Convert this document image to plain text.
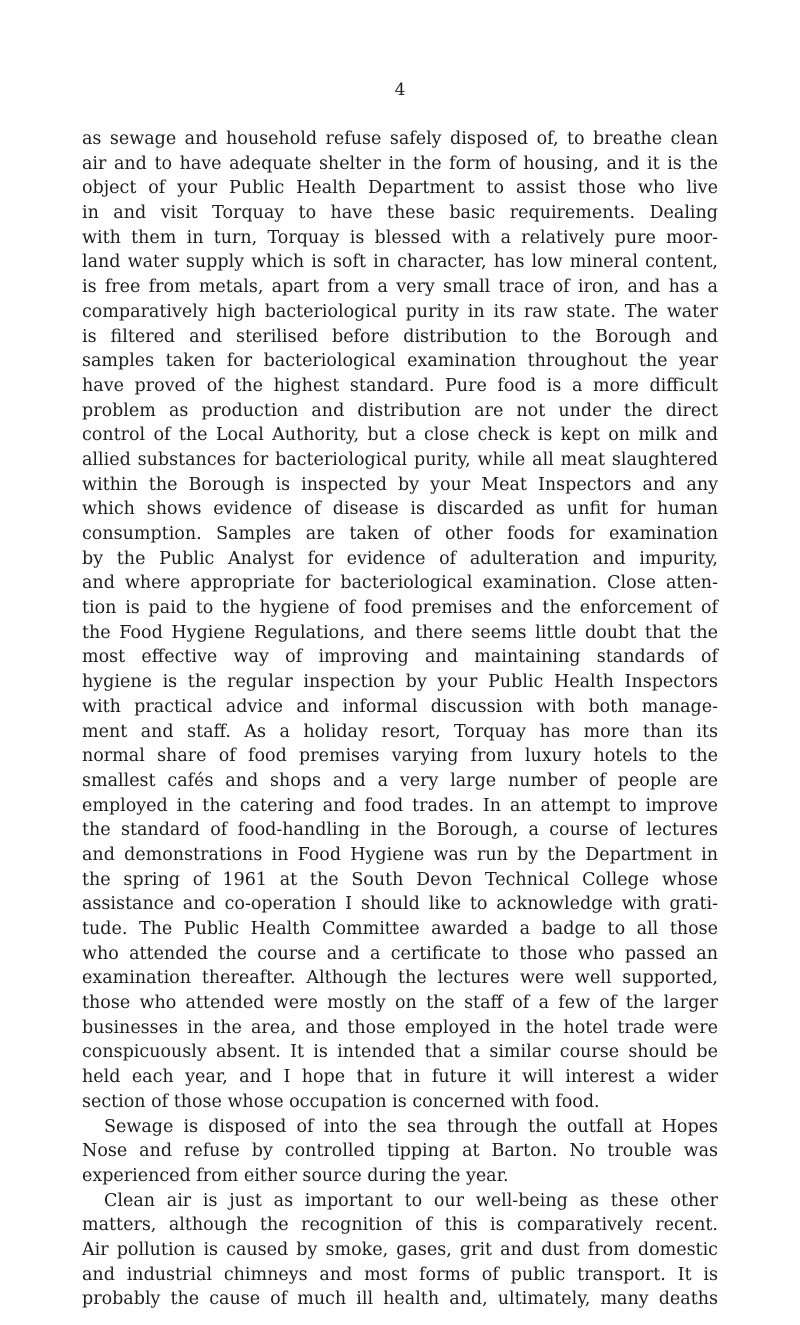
4
as sewage and household refuse safely disposed of, to breathe clean
air and to have adequate shelter in the form of housing, and it is the
object of your Public Health Department to assist those who live
in and visit Torquay to have these basic requirements. Dealing
with them in turn, Torquay is blessed with a relatively pure moor-
land water supply which is soft in character, has low mineral content,
is free from metals, apart from a very small trace of iron, and has a
comparatively high bacteriological purity in its raw state. The water
is filtered and sterilised before distribution to the Borough and
samples taken for bacteriological examination throughout the year
have proved of the highest standard. Pure food is a more difficult
problem as production and distribution are not under the direct
control of the Local Authority, but a close check is kept on milk and
allied substances for bacteriological purity, while all meat slaughtered
within the Borough is inspected by your Meat Inspectors and any
which shows evidence of disease is discarded as unfit for human
consumption. Samples are taken of other foods for examination
by the Public Analyst for evidence of adulteration and impurity,
and where appropriate for bacteriological examination. Close atten-
tion is paid to the hygiene of food premises and the enforcement of
the Food Hygiene Regulations, and there seems little doubt that the
most effective way of improving and maintaining standards of
hygiene is the regular inspection by your Public Health Inspectors
with practical advice and informal discussion with both manage-
ment and staff. As a holiday resort, Torquay has more than its
normal share of food premises varying from luxury hotels to the
smallest cafés and shops and a very large number of people are
employed in the catering and food trades. In an attempt to improve
the standard of food-handling in the Borough, a course of lectures
and demonstrations in Food Hygiene was run by the Department in
the spring of 1961 at the South Devon Technical College whose
assistance and co-operation I should like to acknowledge with grati-
tude. The Public Health Committee awarded a badge to all those
who attended the course and a certificate to those who passed an
examination thereafter. Although the lectures were well supported,
those who attended were mostly on the staff of a few of the larger
businesses in the area, and those employed in the hotel trade were
conspicuously absent. It is intended that a similar course should be
held each year, and I hope that in future it will interest a wider
section of those whose occupation is concerned with food.
Sewage is disposed of into the sea through the outfall at Hopes
Nose and refuse by controlled tipping at Barton. No trouble was
experienced from either source during the year.
Clean air is just as important to our well-being as these other
matters, although the recognition of this is comparatively recent.
Air pollution is caused by smoke, gases, grit and dust from domestic
and industrial chimneys and most forms of public transport. It is
probably the cause of much ill health and, ultimately, many deaths
